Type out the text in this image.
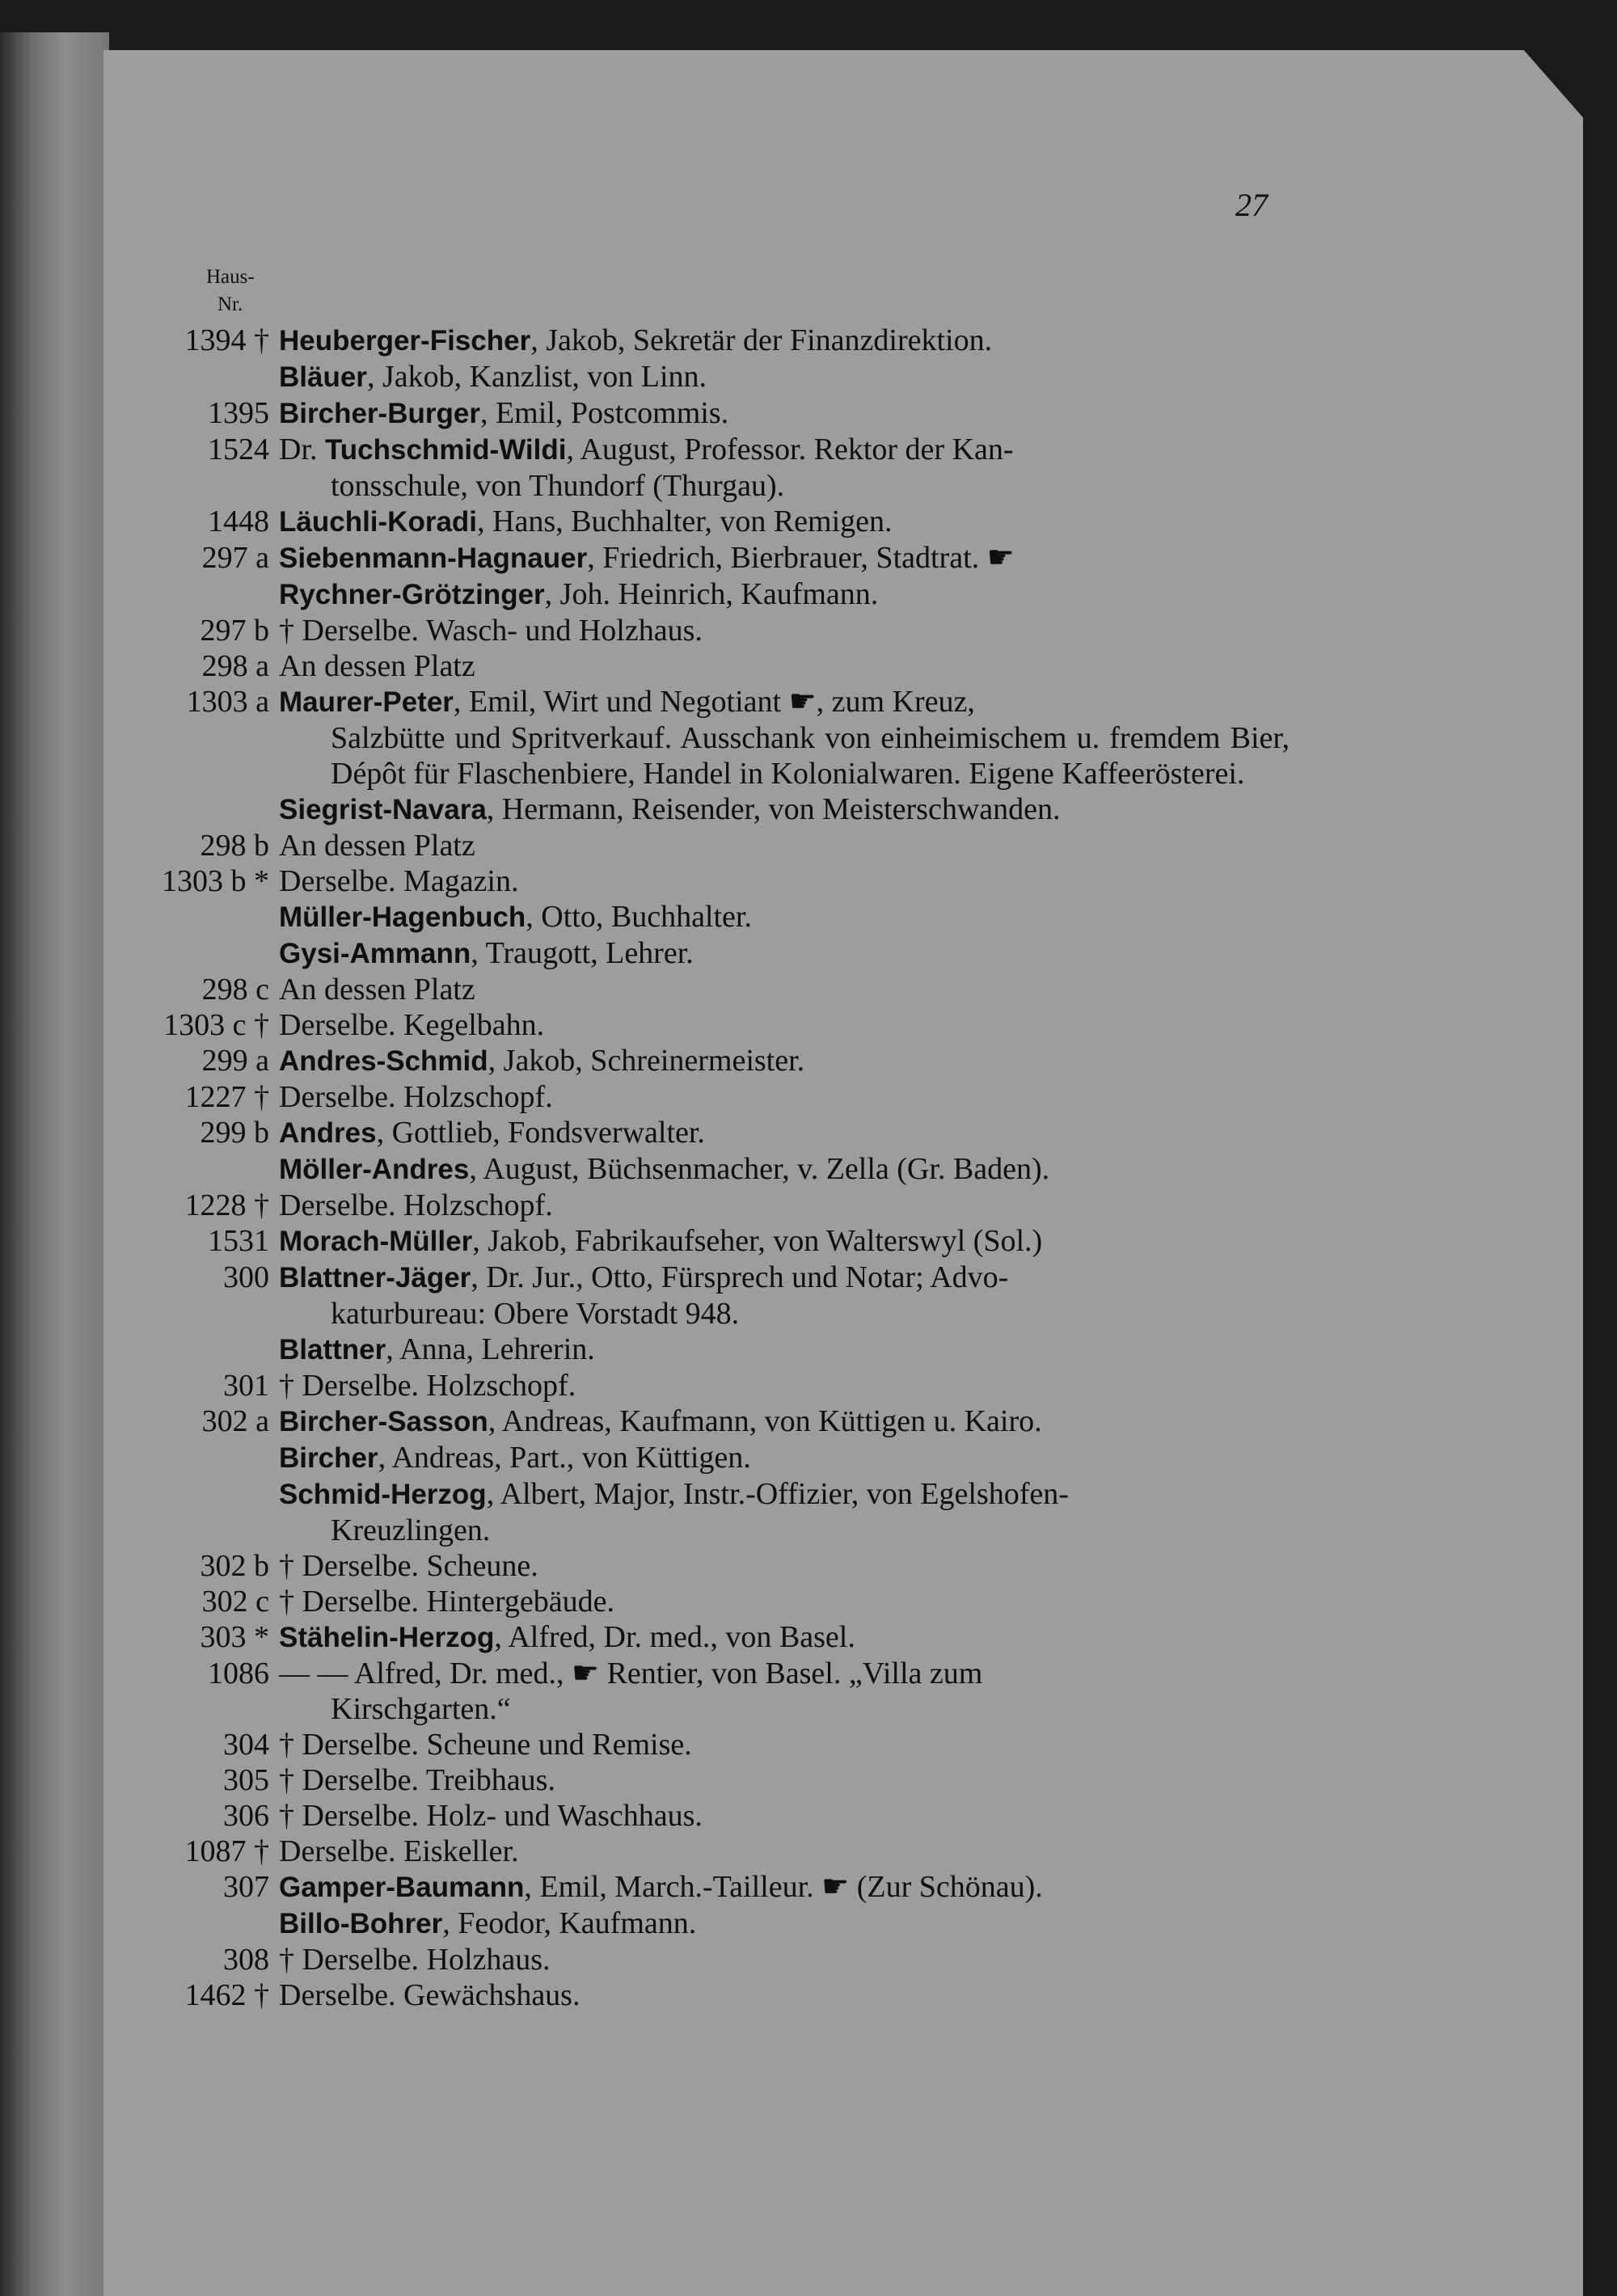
27
Haus-
Nr.
1394 † Heuberger-Fischer, Jakob, Sekretär der Finanzdirektion.
Bläuer, Jakob, Kanzlist, von Linn.
1395 Bircher-Burger, Emil, Postcommis.
1524 Dr. Tuchschmid-Wildi, August, Professor. Rektor der Kan-
tonsschule, von Thundorf (Thurgau).
1448 Läuchli-Koradi, Hans, Buchhalter, von Remigen.
297 a Siebenmann-Hagnauer, Friedrich, Bierbrauer, Stadtrat. ☛
Rychner-Grötzinger, Joh. Heinrich, Kaufmann.
297 b † Derselbe. Wasch- und Holzhaus.
298 a An dessen Platz
1303 a Maurer-Peter, Emil, Wirt und Negotiant ☛, zum Kreuz,
Salzbütte und Spritverkauf. Ausschank von einheimischem u. fremdem Bier, Dépôt für Flaschenbiere, Handel in Kolonialwaren. Eigene Kaffeerösterei.
Siegrist-Navara, Hermann, Reisender, von Meisterschwanden.
298 b An dessen Platz
1303 b * Derselbe. Magazin.
Müller-Hagenbuch, Otto, Buchhalter.
Gysi-Ammann, Traugott, Lehrer.
298 c An dessen Platz
1303 c † Derselbe. Kegelbahn.
299 a Andres-Schmid, Jakob, Schreinermeister.
1227 † Derselbe. Holzschopf.
299 b Andres, Gottlieb, Fondsverwalter.
Möller-Andres, August, Büchsenmacher, v. Zella (Gr. Baden).
1228 † Derselbe. Holzschopf.
1531 Morach-Müller, Jakob, Fabrikaufseher, von Walterswyl (Sol.)
300 Blattner-Jäger, Dr. Jur., Otto, Fürsprech und Notar; Advo-
katurbureau: Obere Vorstadt 948.
Blattner, Anna, Lehrerin.
301 † Derselbe. Holzschopf.
302 a Bircher-Sasson, Andreas, Kaufmann, von Küttigen u. Kairo.
Bircher, Andreas, Part., von Küttigen.
Schmid-Herzog, Albert, Major, Instr.-Offizier, von Egelshofen-
Kreuzlingen.
302 b † Derselbe. Scheune.
302 c † Derselbe. Hintergebäude.
303 * Stähelin-Herzog, Alfred, Dr. med., von Basel.
1086 — — Alfred, Dr. med., ☛ Rentier, von Basel. „Villa zum
Kirschgarten.“
304 † Derselbe. Scheune und Remise.
305 † Derselbe. Treibhaus.
306 † Derselbe. Holz- und Waschhaus.
1087 † Derselbe. Eiskeller.
307 Gamper-Baumann, Emil, March.-Tailleur. ☛ (Zur Schönau).
Billo-Bohrer, Feodor, Kaufmann.
308 † Derselbe. Holzhaus.
1462 † Derselbe. Gewächshaus.
